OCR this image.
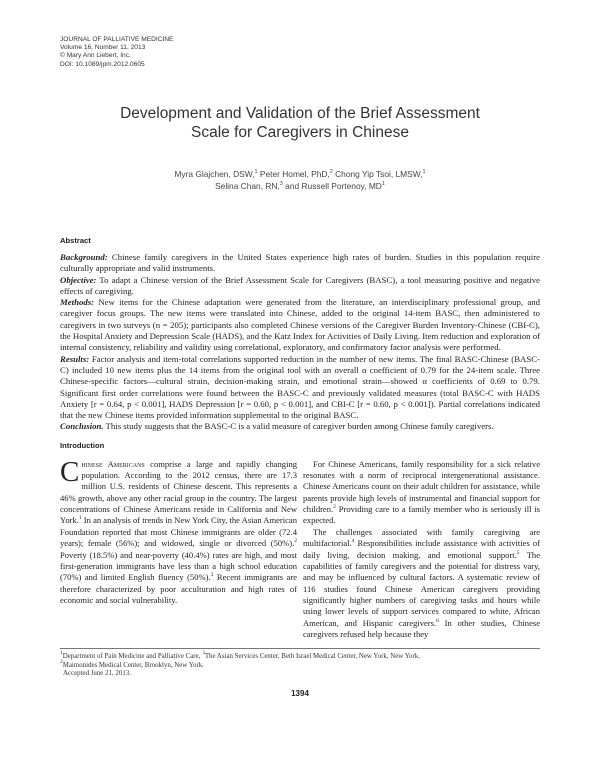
JOURNAL OF PALLIATIVE MEDICINE
Volume 16, Number 11, 2013
© Mary Ann Liebert, Inc.
DOI: 10.1089/jpm.2012.0605
Development and Validation of the Brief Assessment
Scale for Caregivers in Chinese
Myra Glajchen, DSW,$^1$ Peter Homel, PhD,$^2$ Chong Yip Tsoi, LMSW,$^1$
Selina Chan, RN,$^3$ and Russell Portenoy, $MD^1$
Abstract

Background: Chinese family caregivers in the United States experience high rates of burden. Studies in this population require culturally appropriate and valid instruments.

Objective: To adapt a Chinese version of the Brief Assessment Scale for Caregivers (BASC), a tool measuring positive and negative effects of caregiving.

Methods: New items for the Chinese adaptation were generated from the literature, an interdisciplinary professional group, and caregiver focus groups. The new items were translated into Chinese, added to the original 14-item BASC, then administered to caregivers in two surveys (n = 205); participants also completed Chinese versions of the Caregiver Burden Inventory-Chinese (CBI-C), the Hospital Anxiety and Depression Scale (HADS), and the Katz Index for Activities of Daily Living. Item reduction and exploration of internal consistency, reliability and validity using correlational, exploratory, and confirmatory factor analysis were performed.

Results: Factor analysis and item-total correlations supported reduction in the number of new items. The final BASC-Chinese (BASC-C) included 10 new items plus the 14 items from the original tool with an overall α coefficient of 0.79 for the 24-item scale. Three Chinese-specific factors—cultural strain, decision-making strain, and emotional strain—showed α coefficients of 0.69 to 0.79. Significant first order correlations were found between the BASC-C and previously validated measures (total BASC-C with HADS Anxiety [r = 0.64, p < 0.001], HADS Depression [r = 0.60, p < 0.001], and CBI-C [r = 0.60, p < 0.001]). Partial correlations indicated that the new Chinese items provided information supplemental to the original BASC.

Conclusion. This study suggests that the BASC-C is a valid measure of caregiver burden among Chinese family caregivers.

Introduction

Chinese Americans comprise a large and rapidly changing population. According to the 2012 census, there are 17.3 million U.S. residents of Chinese descent. This represents a 46% growth, above any other racial group in the country. The largest concentrations of Chinese Americans reside in California and New York.$^1$ In an analysis of trends in New York City, the Asian American Foundation reported that most Chinese immigrants are older (72.4 years); female (56%); and widowed, single or divorced (50%).$^2$ Poverty (18.5%) and near-poverty (40.4%) rates are high, and most first-generation immigrants have less than a high school education (70%) and limited English fluency (50%).$^3$ Recent immigrants are therefore characterized by poor acculturation and high rates of economic and social vulnerability.

For Chinese Americans, family responsibility for a sick relative resonates with a norm of reciprocal intergenerational assistance. Chinese Americans count on their adult children for assistance, while parents provide high levels of instrumental and financial support for children.$^2$ Providing care to a family member who is seriously ill is expected.

The challenges associated with family caregiving are multifactorial.$^4$ Responsibilities include assistance with activities of daily living, decision making, and emotional support.$^5$ The capabilities of family caregivers and the potential for distress vary, and may be influenced by cultural factors. A systematic review of 116 studies found Chinese American caregivers providing significantly higher numbers of caregiving tasks and hours while using lower levels of support services compared to white, African American, and Hispanic caregivers.$^6$ In other studies, Chinese caregivers refused help because they

$^1$Department of Pain Medicine and Palliative Care, $^3$The Asian Services Center, Beth Israel Medical Center, New York, New York.
$^2$Maimonides Medical Center, Brooklyn, New York.
Accepted June 21, 2013.
1394
